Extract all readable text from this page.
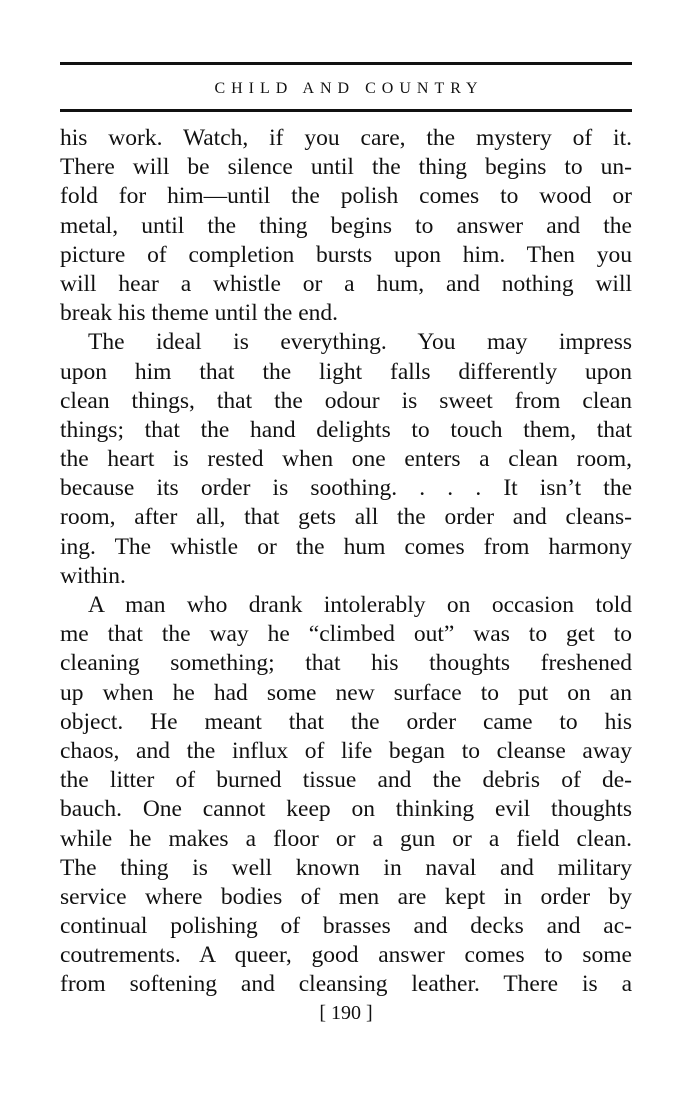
CHILD AND COUNTRY
his work. Watch, if you care, the mystery of it.
There will be silence until the thing begins to un-
fold for him—until the polish comes to wood or
metal, until the thing begins to answer and the
picture of completion bursts upon him. Then you
will hear a whistle or a hum, and nothing will
break his theme until the end.
The ideal is everything. You may impress
upon him that the light falls differently upon
clean things, that the odour is sweet from clean
things; that the hand delights to touch them, that
the heart is rested when one enters a clean room,
because its order is soothing. . . . It isn’t the
room, after all, that gets all the order and cleans-
ing. The whistle or the hum comes from harmony
within.
A man who drank intolerably on occasion told
me that the way he “climbed out” was to get to
cleaning something; that his thoughts freshened
up when he had some new surface to put on an
object. He meant that the order came to his
chaos, and the influx of life began to cleanse away
the litter of burned tissue and the debris of de-
bauch. One cannot keep on thinking evil thoughts
while he makes a floor or a gun or a field clean.
The thing is well known in naval and military
service where bodies of men are kept in order by
continual polishing of brasses and decks and ac-
coutrements. A queer, good answer comes to some
from softening and cleansing leather. There is a
[ 190 ]
